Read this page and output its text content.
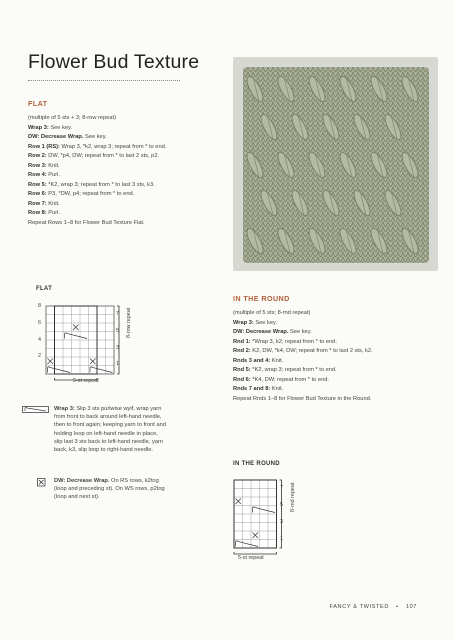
Flower Bud Texture
FLAT
(multiple of 5 sts + 3; 8-row repeat)
Wrap 3: See key.
DW: Decrease Wrap. See key.
Row 1 (RS): Wrap 3, *k2, wrap 3; repeat from * to end.
Row 2: DW, *p4, DW; repeat from * to last 2 sts, p2.
Row 3: Knit.
Row 4: Purl.
Row 5: *K2, wrap 3; repeat from * to last 3 sts, k3.
Row 6: P3, *DW, p4; repeat from * to end.
Row 7: Knit.
Row 8: Purl.
Repeat Rows 1–8 for Flower Bud Texture Flat.
FLAT
8
6
4
2
7
5
3
1
8-row repeat
5-st repeat
Wrap 3: Slip 3 sts purlwise wyif, wrap yarn from front to back around left-hand needle, then to front again; keeping yarn to front and holding loop on left-hand needle in place, slip last 3 sts back to left-hand needle, yarn back, k3, slip loop to right-hand needle.
DW: Decrease Wrap. On RS rows, k2tog (loop and preceding st). On WS rows, p2tog (loop and next st).
IN THE ROUND
(multiple of 5 sts; 8-rnd repeat)
Wrap 3: See key.
DW: Decrease Wrap. See key.
Rnd 1: *Wrap 3, k2; repeat from * to end.
Rnd 2: K2, DW, *k4, DW; repeat from * to last 2 sts, k2.
Rnds 3 and 4: Knit.
Rnd 5: *K2, wrap 3; repeat from * to end.
Rnd 6: *K4, DW; repeat from * to end.
Rnds 7 and 8: Knit.
Repeat Rnds 1–8 for Flower Bud Texture in the Round.
IN THE ROUND
7
5
3
1
8-rnd repeat
5-st repeat
FANCY & TWISTED • 107
